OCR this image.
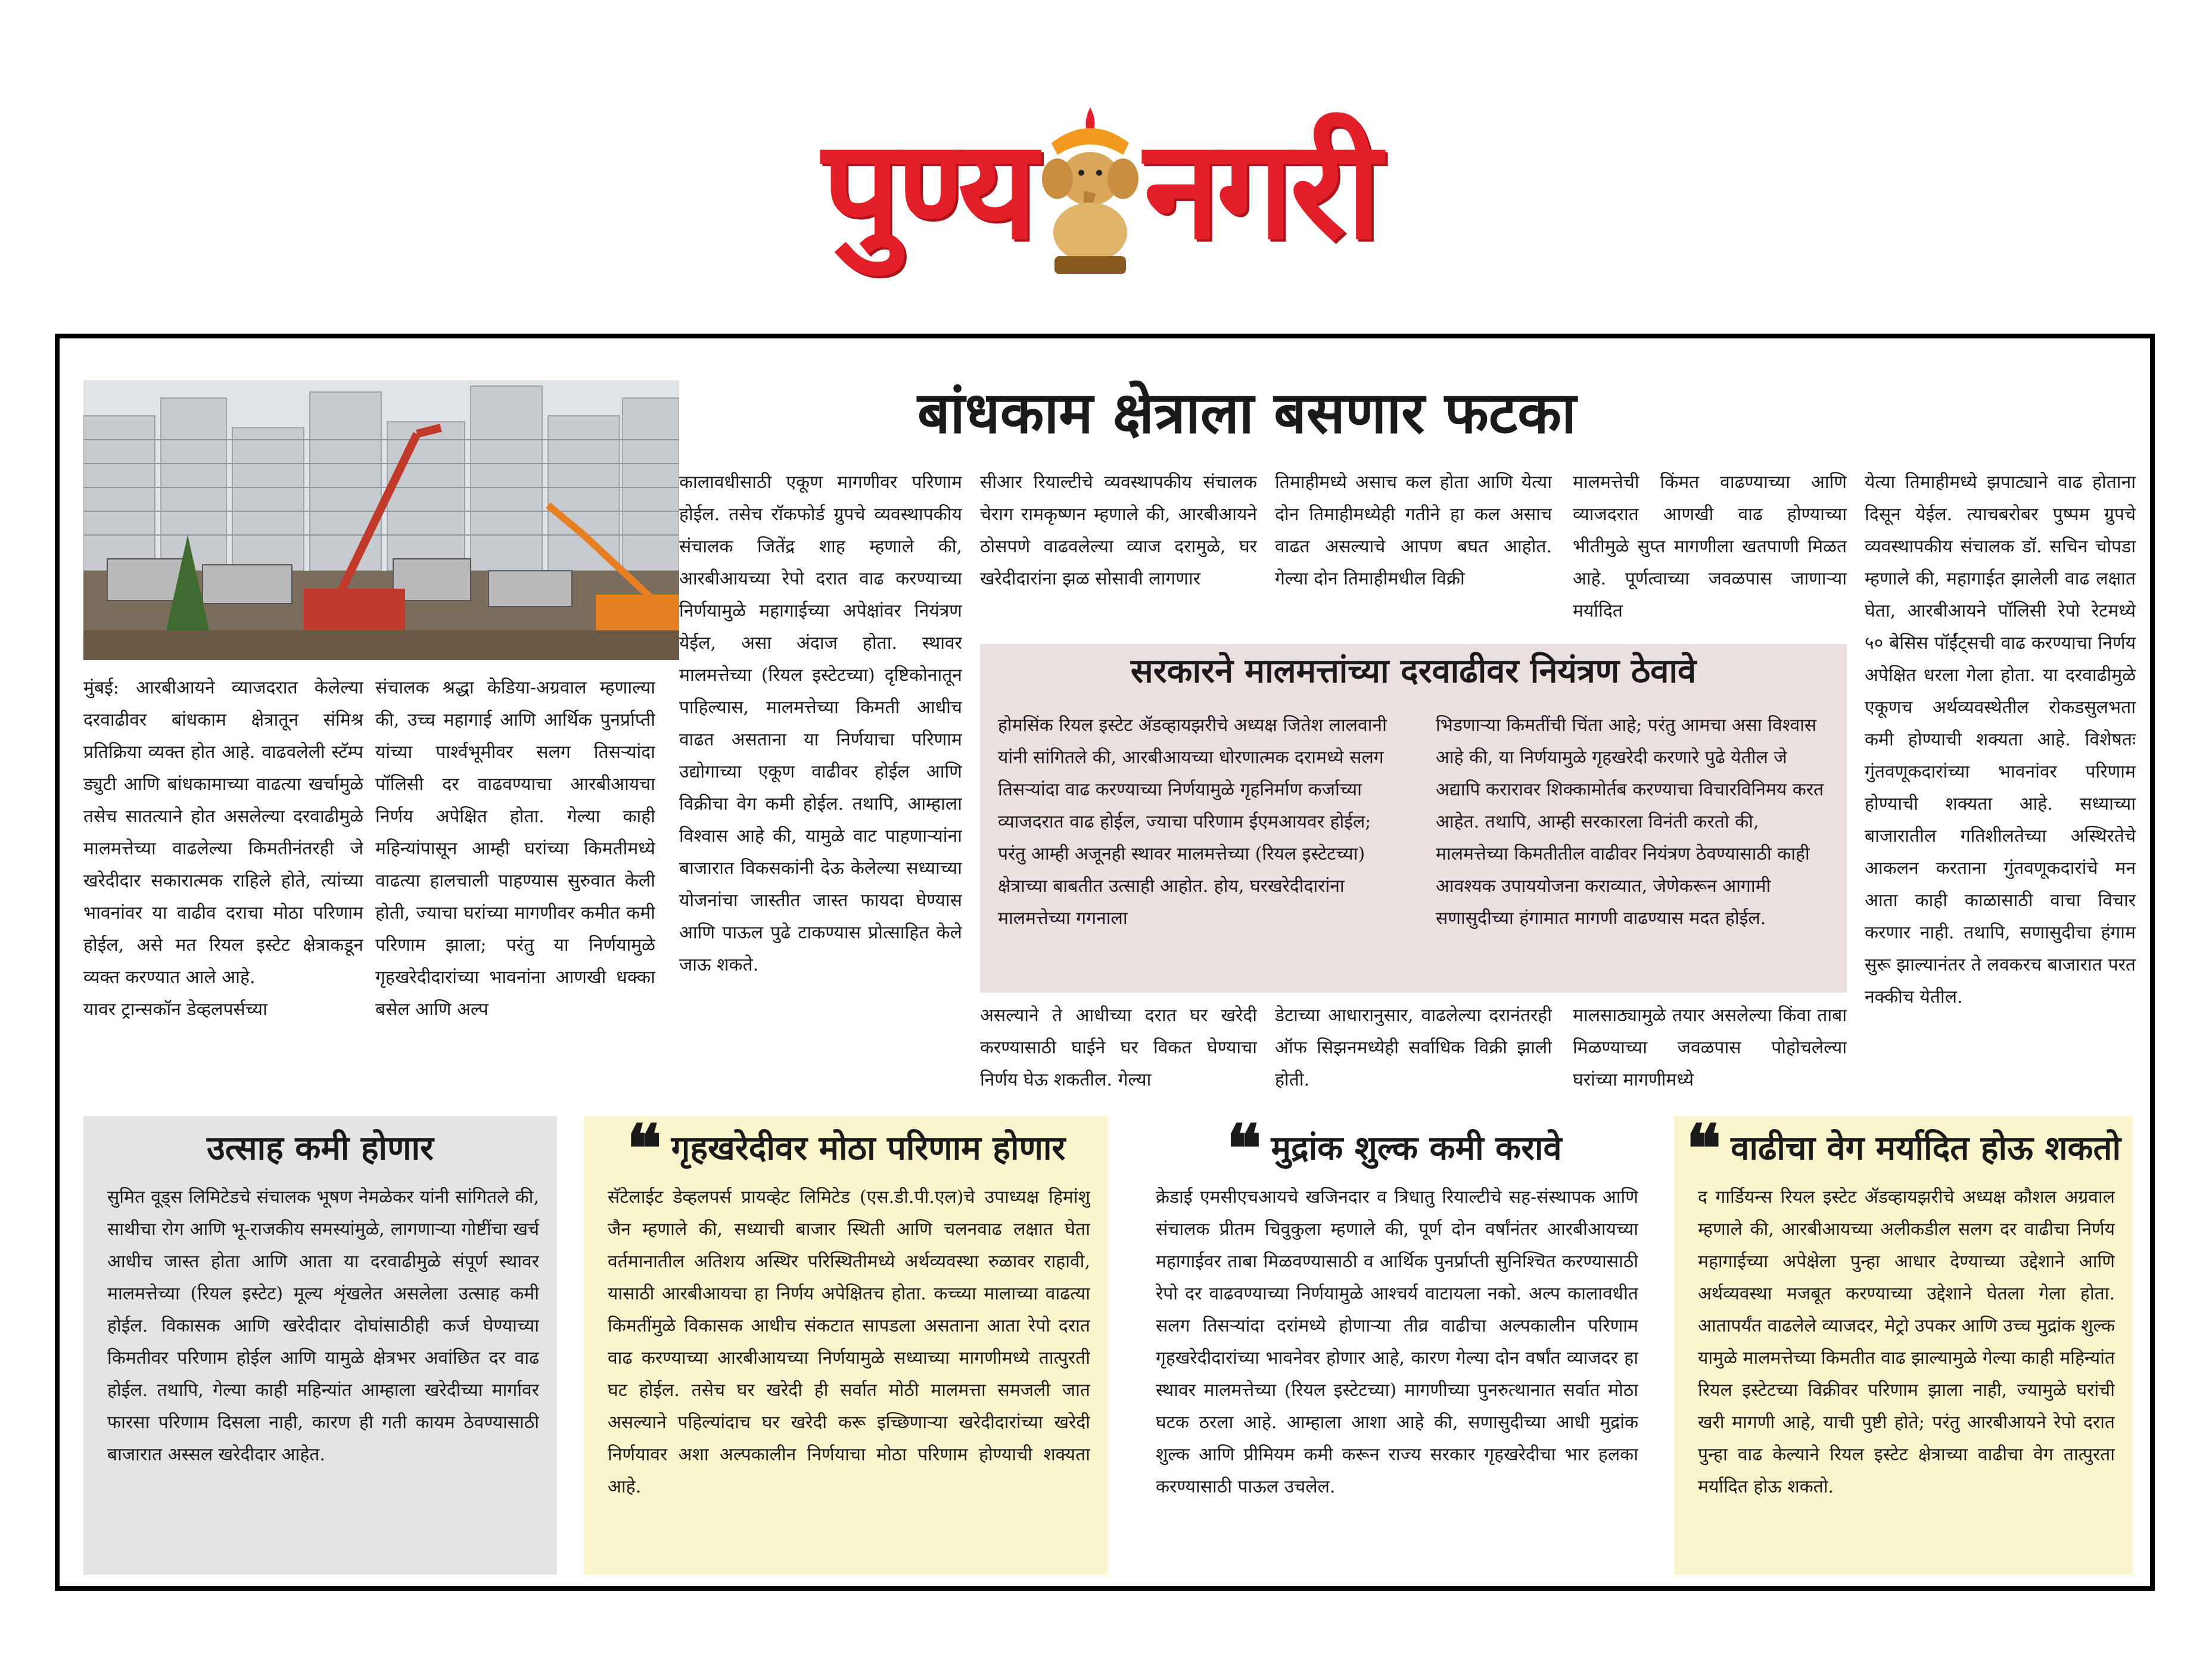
पुण्य नगरी
बांधकाम क्षेत्राला बसणार फटका

मुंबई: आरबीआयने व्याजदरात केलेल्या दरवाढीवर बांधकाम क्षेत्रातून संमिश्र प्रतिक्रिया व्यक्त होत आहे. वाढवलेली स्टॅम्प ड्युटी आणि बांधकामाच्या वाढत्या खर्चामुळे तसेच सातत्याने होत असलेल्या दरवाढीमुळे मालमत्तेच्या वाढलेल्या किमतीनंतरही जे खरेदीदार सकारात्मक राहिले होते, त्यांच्या भावनांवर या वाढीव दराचा मोठा परिणाम होईल, असे मत रियल इस्टेट क्षेत्राकडून व्यक्त करण्यात आले आहे.

यावर ट्रान्सकॉन डेव्हलपर्सच्या

संचालक श्रद्धा केडिया-अग्रवाल म्हणाल्या की, उच्च महागाई आणि आर्थिक पुनर्प्राप्ती यांच्या पार्श्वभूमीवर सलग तिसऱ्यांदा पॉलिसी दर वाढवण्याचा आरबीआयचा निर्णय अपेक्षित होता. गेल्या काही महिन्यांपासून आम्ही घरांच्या किमतीमध्ये वाढत्या हालचाली पाहण्यास सुरुवात केली होती, ज्याचा घरांच्या मागणीवर कमीत कमी परिणाम झाला; परंतु या निर्णयामुळे गृहखरेदीदारांच्या भावनांना आणखी धक्का बसेल आणि अल्प

कालावधीसाठी एकूण मागणीवर परिणाम होईल. तसेच रॉकफोर्ड ग्रुपचे व्यवस्थापकीय संचालक जितेंद्र शाह म्हणाले की, आरबीआयच्या रेपो दरात वाढ करण्याच्या निर्णयामुळे महागाईच्या अपेक्षांवर नियंत्रण येईल, असा अंदाज होता. स्थावर मालमत्तेच्या (रियल इस्टेटच्या) दृष्टिकोनातून पाहिल्यास, मालमत्तेच्या किमती आधीच वाढत असताना या निर्णयाचा परिणाम उद्योगाच्या एकूण वाढीवर होईल आणि विक्रीचा वेग कमी होईल. तथापि, आम्हाला विश्वास आहे की, यामुळे वाट पाहणाऱ्यांना बाजारात विकसकांनी देऊ केलेल्या सध्याच्या योजनांचा जास्तीत जास्त फायदा घेण्यास आणि पाऊल पुढे टाकण्यास प्रोत्साहित केले जाऊ शकते.

सीआर रियाल्टीचे व्यवस्थापकीय संचालक चेराग रामकृष्णन म्हणाले की, आरबीआयने ठोसपणे वाढवलेल्या व्याज दरामुळे, घर खरेदीदारांना झळ सोसावी लागणार

तिमाहीमध्ये असाच कल होता आणि येत्या दोन तिमाहीमध्येही गतीने हा कल असाच वाढत असल्याचे आपण बघत आहोत. गेल्या दोन तिमाहीमधील विक्री

मालमत्तेची किंमत वाढण्याच्या आणि व्याजदरात आणखी वाढ होण्याच्या भीतीमुळे सुप्त मागणीला खतपाणी मिळत आहे. पूर्णत्वाच्या जवळपास जाणाऱ्या मर्यादित

सरकारने मालमत्तांच्या दरवाढीवर नियंत्रण ठेवावे
होमसिंक रियल इस्टेट ॲडव्हायझरीचे अध्यक्ष जितेश लालवानी यांनी सांगितले की, आरबीआयच्या धोरणात्मक दरामध्ये सलग तिसऱ्यांदा वाढ करण्याच्या निर्णयामुळे गृहनिर्माण कर्जाच्या व्याजदरात वाढ होईल, ज्याचा परिणाम ईएमआयवर होईल; परंतु आम्ही अजूनही स्थावर मालमत्तेच्या (रियल इस्टेटच्या) क्षेत्राच्या बाबतीत उत्साही आहोत. होय, घरखरेदीदारांना मालमत्तेच्या गगनाला
भिडणाऱ्या किमतींची चिंता आहे; परंतु आमचा असा विश्वास आहे की, या निर्णयामुळे गृहखरेदी करणारे पुढे येतील जे अद्यापि करारावर शिक्कामोर्तब करण्याचा विचारविनिमय करत आहेत. तथापि, आम्ही सरकारला विनंती करतो की, मालमत्तेच्या किमतीतील वाढीवर नियंत्रण ठेवण्यासाठी काही आवश्यक उपाययोजना कराव्यात, जेणेकरून आगामी सणासुदीच्या हंगामात मागणी वाढण्यास मदत होईल.

असल्याने ते आधीच्या दरात घर खरेदी करण्यासाठी घाईने घर विकत घेण्याचा निर्णय घेऊ शकतील. गेल्या

डेटाच्या आधारानुसार, वाढलेल्या दरानंतरही ऑफ सिझनमध्येही सर्वाधिक विक्री झाली होती.

मालसाठ्यामुळे तयार असलेल्या किंवा ताबा मिळण्याच्या जवळपास पोहोचलेल्या घरांच्या मागणीमध्ये

येत्या तिमाहीमध्ये झपाट्याने वाढ होताना दिसून येईल. त्याचबरोबर पुष्पम ग्रुपचे व्यवस्थापकीय संचालक डॉ. सचिन चोपडा म्हणाले की, महागाईत झालेली वाढ लक्षात घेता, आरबीआयने पॉलिसी रेपो रेटमध्ये ५० बेसिस पॉईंट्सची वाढ करण्याचा निर्णय अपेक्षित धरला गेला होता. या दरवाढीमुळे एकूणच अर्थव्यवस्थेतील रोकडसुलभता कमी होण्याची शक्यता आहे. विशेषतः गुंतवणूकदारांच्या भावनांवर परिणाम होण्याची शक्यता आहे. सध्याच्या बाजारातील गतिशीलतेच्या अस्थिरतेचे आकलन करताना गुंतवणूकदारांचे मन आता काही काळासाठी वाचा विचार करणार नाही. तथापि, सणासुदीचा हंगाम सुरू झाल्यानंतर ते लवकरच बाजारात परत नक्कीच येतील.

उत्साह कमी होणार

सुमित वूड्स लिमिटेडचे संचालक भूषण नेमळेकर यांनी सांगितले की, साथीचा रोग आणि भू-राजकीय समस्यांमुळे, लागणाऱ्या गोष्टींचा खर्च आधीच जास्त होता आणि आता या दरवाढीमुळे संपूर्ण स्थावर मालमत्तेच्या (रियल इस्टेट) मूल्य शृंखलेत असलेला उत्साह कमी होईल. विकासक आणि खरेदीदार दोघांसाठीही कर्ज घेण्याच्या किमतीवर परिणाम होईल आणि यामुळे क्षेत्रभर अवांछित दर वाढ होईल. तथापि, गेल्या काही महिन्यांत आम्हाला खरेदीच्या मार्गावर फारसा परिणाम दिसला नाही, कारण ही गती कायम ठेवण्यासाठी बाजारात अस्सल खरेदीदार आहेत.

❝ गृहखरेदीवर मोठा परिणाम होणार

सॅटेलाईट डेव्हलपर्स प्रायव्हेट लिमिटेड (एस.डी.पी.एल)चे उपाध्यक्ष हिमांशु जैन म्हणाले की, सध्याची बाजार स्थिती आणि चलनवाढ लक्षात घेता वर्तमानातील अतिशय अस्थिर परिस्थितीमध्ये अर्थव्यवस्था रुळावर राहावी, यासाठी आरबीआयचा हा निर्णय अपेक्षितच होता. कच्च्या मालाच्या वाढत्या किमतींमुळे विकासक आधीच संकटात सापडला असताना आता रेपो दरात वाढ करण्याच्या आरबीआयच्या निर्णयामुळे सध्याच्या मागणीमध्ये तात्पुरती घट होईल. तसेच घर खरेदी ही सर्वात मोठी मालमत्ता समजली जात असल्याने पहिल्यांदाच घर खरेदी करू इच्छिणाऱ्या खरेदीदारांच्या खरेदी निर्णयावर अशा अल्पकालीन निर्णयाचा मोठा परिणाम होण्याची शक्यता आहे.

❝ मुद्रांक शुल्क कमी करावे

क्रेडाई एमसीएचआयचे खजिनदार व त्रिधातु रियाल्टीचे सह-संस्थापक आणि संचालक प्रीतम चिवुकुला म्हणाले की, पूर्ण दोन वर्षांनंतर आरबीआयच्या महागाईवर ताबा मिळवण्यासाठी व आर्थिक पुनर्प्राप्ती सुनिश्चित करण्यासाठी रेपो दर वाढवण्याच्या निर्णयामुळे आश्चर्य वाटायला नको. अल्प कालावधीत सलग तिसऱ्यांदा दरांमध्ये होणाऱ्या तीव्र वाढीचा अल्पकालीन परिणाम गृहखरेदीदारांच्या भावनेवर होणार आहे, कारण गेल्या दोन वर्षांत व्याजदर हा स्थावर मालमत्तेच्या (रियल इस्टेटच्या) मागणीच्या पुनरुत्थानात सर्वात मोठा घटक ठरला आहे. आम्हाला आशा आहे की, सणासुदीच्या आधी मुद्रांक शुल्क आणि प्रीमियम कमी करून राज्य सरकार गृहखरेदीचा भार हलका करण्यासाठी पाऊल उचलेल.

❝ वाढीचा वेग मर्यादित होऊ शकतो

द गार्डियन्स रियल इस्टेट ॲडव्हायझरीचे अध्यक्ष कौशल अग्रवाल म्हणाले की, आरबीआयच्या अलीकडील सलग दर वाढीचा निर्णय महागाईच्या अपेक्षेला पुन्हा आधार देण्याच्या उद्देशाने आणि अर्थव्यवस्था मजबूत करण्याच्या उद्देशाने घेतला गेला होता. आतापर्यंत वाढलेले व्याजदर, मेट्रो उपकर आणि उच्च मुद्रांक शुल्क यामुळे मालमत्तेच्या किमतीत वाढ झाल्यामुळे गेल्या काही महिन्यांत रियल इस्टेटच्या विक्रीवर परिणाम झाला नाही, ज्यामुळे घरांची खरी मागणी आहे, याची पुष्टी होते; परंतु आरबीआयने रेपो दरात पुन्हा वाढ केल्याने रियल इस्टेट क्षेत्राच्या वाढीचा वेग तात्पुरता मर्यादित होऊ शकतो.
